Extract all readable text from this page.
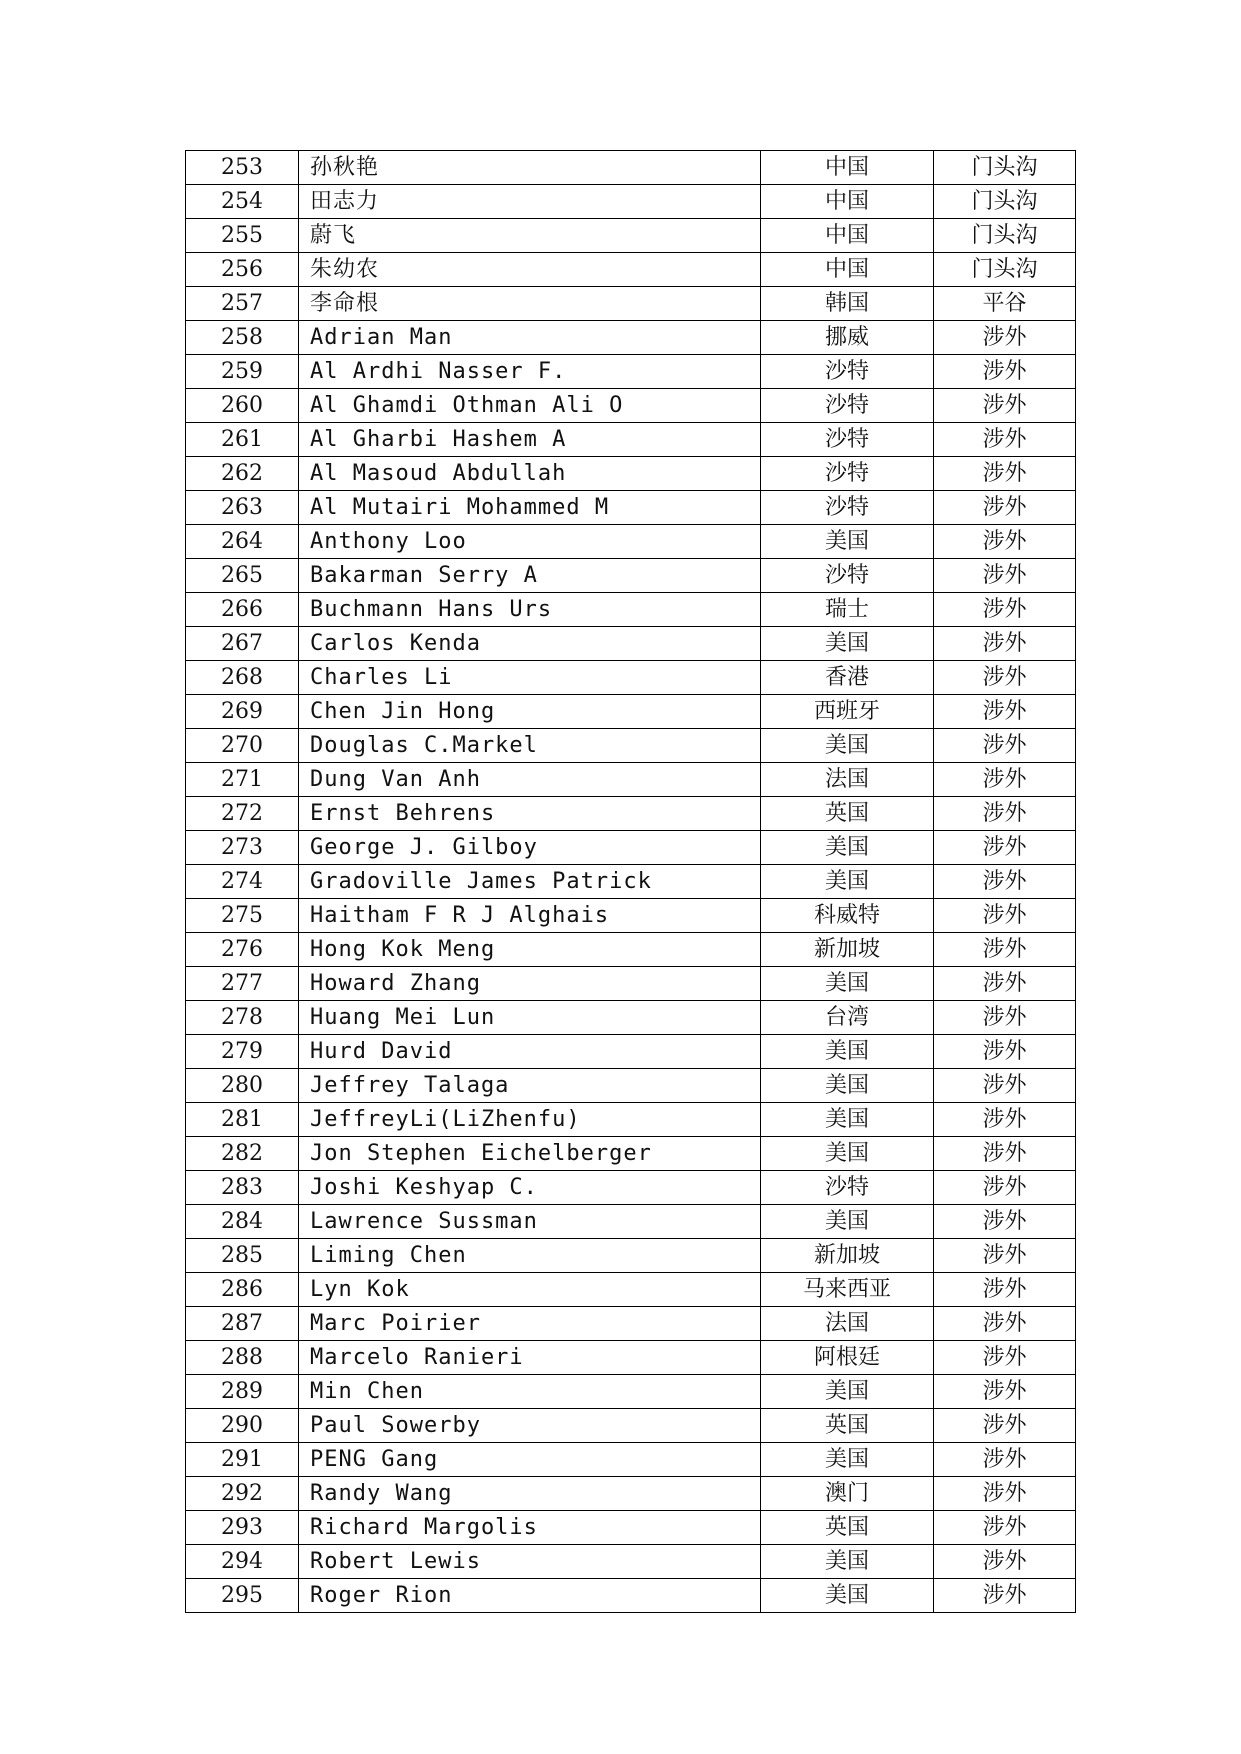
253	孙秋艳	中国	门头沟
254	田志力	中国	门头沟
255	蔚飞	中国	门头沟
256	朱幼农	中国	门头沟
257	李命根	韩国	平谷
258	Adrian Man	挪威	涉外
259	Al Ardhi Nasser F.	沙特	涉外
260	Al Ghamdi Othman Ali O	沙特	涉外
261	Al Gharbi Hashem A	沙特	涉外
262	Al Masoud Abdullah	沙特	涉外
263	Al Mutairi Mohammed M	沙特	涉外
264	Anthony Loo	美国	涉外
265	Bakarman Serry A	沙特	涉外
266	Buchmann Hans Urs	瑞士	涉外
267	Carlos Kenda	美国	涉外
268	Charles Li	香港	涉外
269	Chen Jin Hong	西班牙	涉外
270	Douglas C.Markel	美国	涉外
271	Dung Van Anh	法国	涉外
272	Ernst Behrens	英国	涉外
273	George J. Gilboy	美国	涉外
274	Gradoville James Patrick	美国	涉外
275	Haitham F R J Alghais	科威特	涉外
276	Hong Kok Meng	新加坡	涉外
277	Howard Zhang	美国	涉外
278	Huang Mei Lun	台湾	涉外
279	Hurd David	美国	涉外
280	Jeffrey Talaga	美国	涉外
281	JeffreyLi(LiZhenfu)	美国	涉外
282	Jon Stephen Eichelberger	美国	涉外
283	Joshi Keshyap C.	沙特	涉外
284	Lawrence Sussman	美国	涉外
285	Liming Chen	新加坡	涉外
286	Lyn Kok	马来西亚	涉外
287	Marc Poirier	法国	涉外
288	Marcelo Ranieri	阿根廷	涉外
289	Min Chen	美国	涉外
290	Paul Sowerby	英国	涉外
291	PENG Gang	美国	涉外
292	Randy Wang	澳门	涉外
293	Richard Margolis	英国	涉外
294	Robert Lewis	美国	涉外
295	Roger Rion	美国	涉外
